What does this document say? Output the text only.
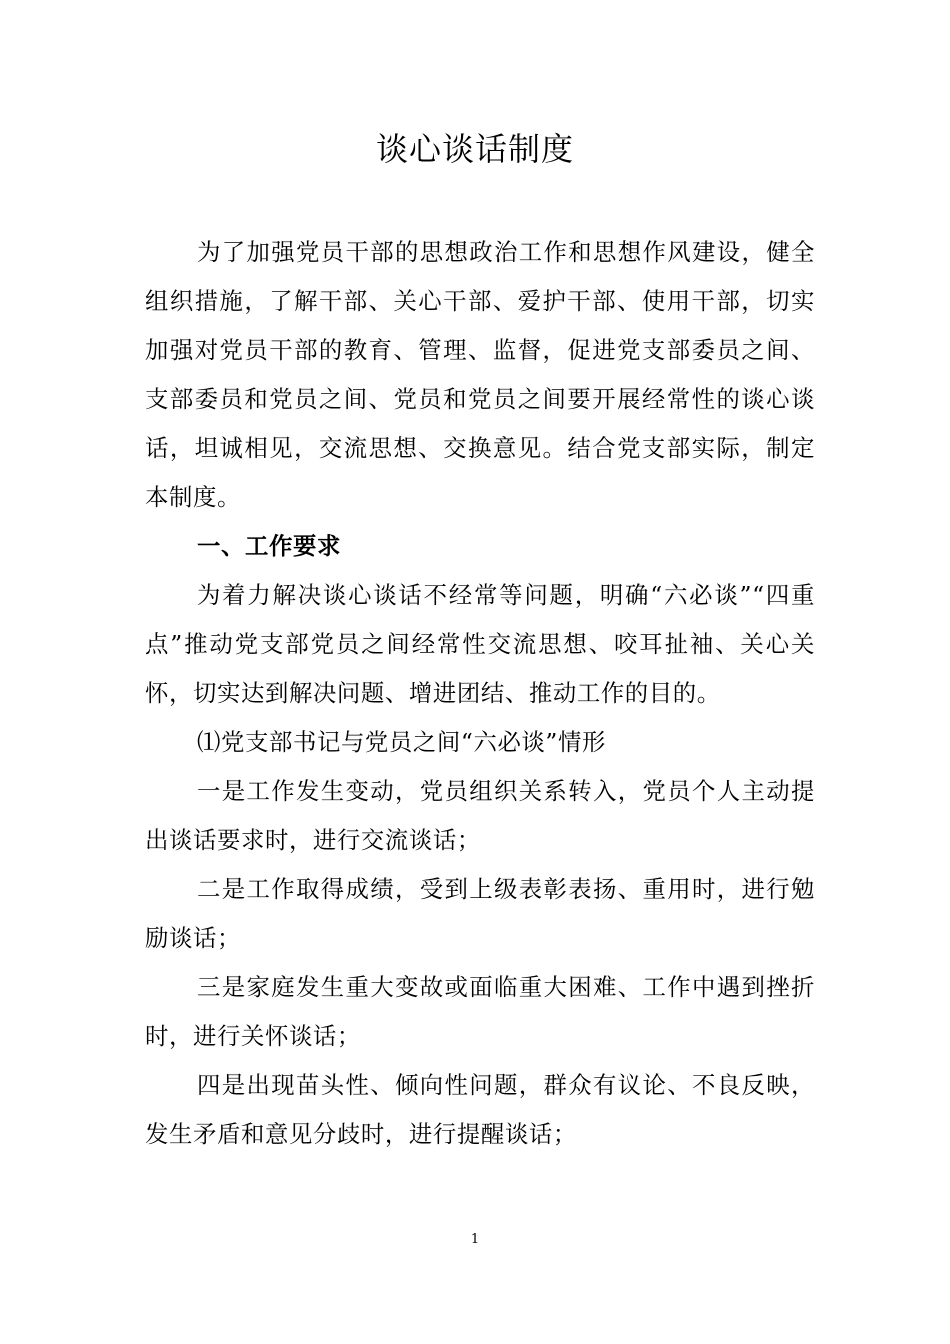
谈心谈话制度

为了加强党员干部的思想政治工作和思想作风建设，健全组织措施，了解干部、关心干部、爱护干部、使用干部，切实加强对党员干部的教育、管理、监督，促进党支部委员之间、支部委员和党员之间、党员和党员之间要开展经常性的谈心谈话，坦诚相见，交流思想、交换意见。结合党支部实际，制定本制度。

一、工作要求

为着力解决谈心谈话不经常等问题，明确“六必谈”“四重点”推动党支部党员之间经常性交流思想、咬耳扯袖、关心关怀，切实达到解决问题、增进团结、推动工作的目的。

⑴党支部书记与党员之间“六必谈”情形

一是工作发生变动，党员组织关系转入，党员个人主动提出谈话要求时，进行交流谈话；

二是工作取得成绩，受到上级表彰表扬、重用时，进行勉励谈话；

三是家庭发生重大变故或面临重大困难、工作中遇到挫折时，进行关怀谈话；

四是出现苗头性、倾向性问题，群众有议论、不良反映，发生矛盾和意见分歧时，进行提醒谈话；

1
